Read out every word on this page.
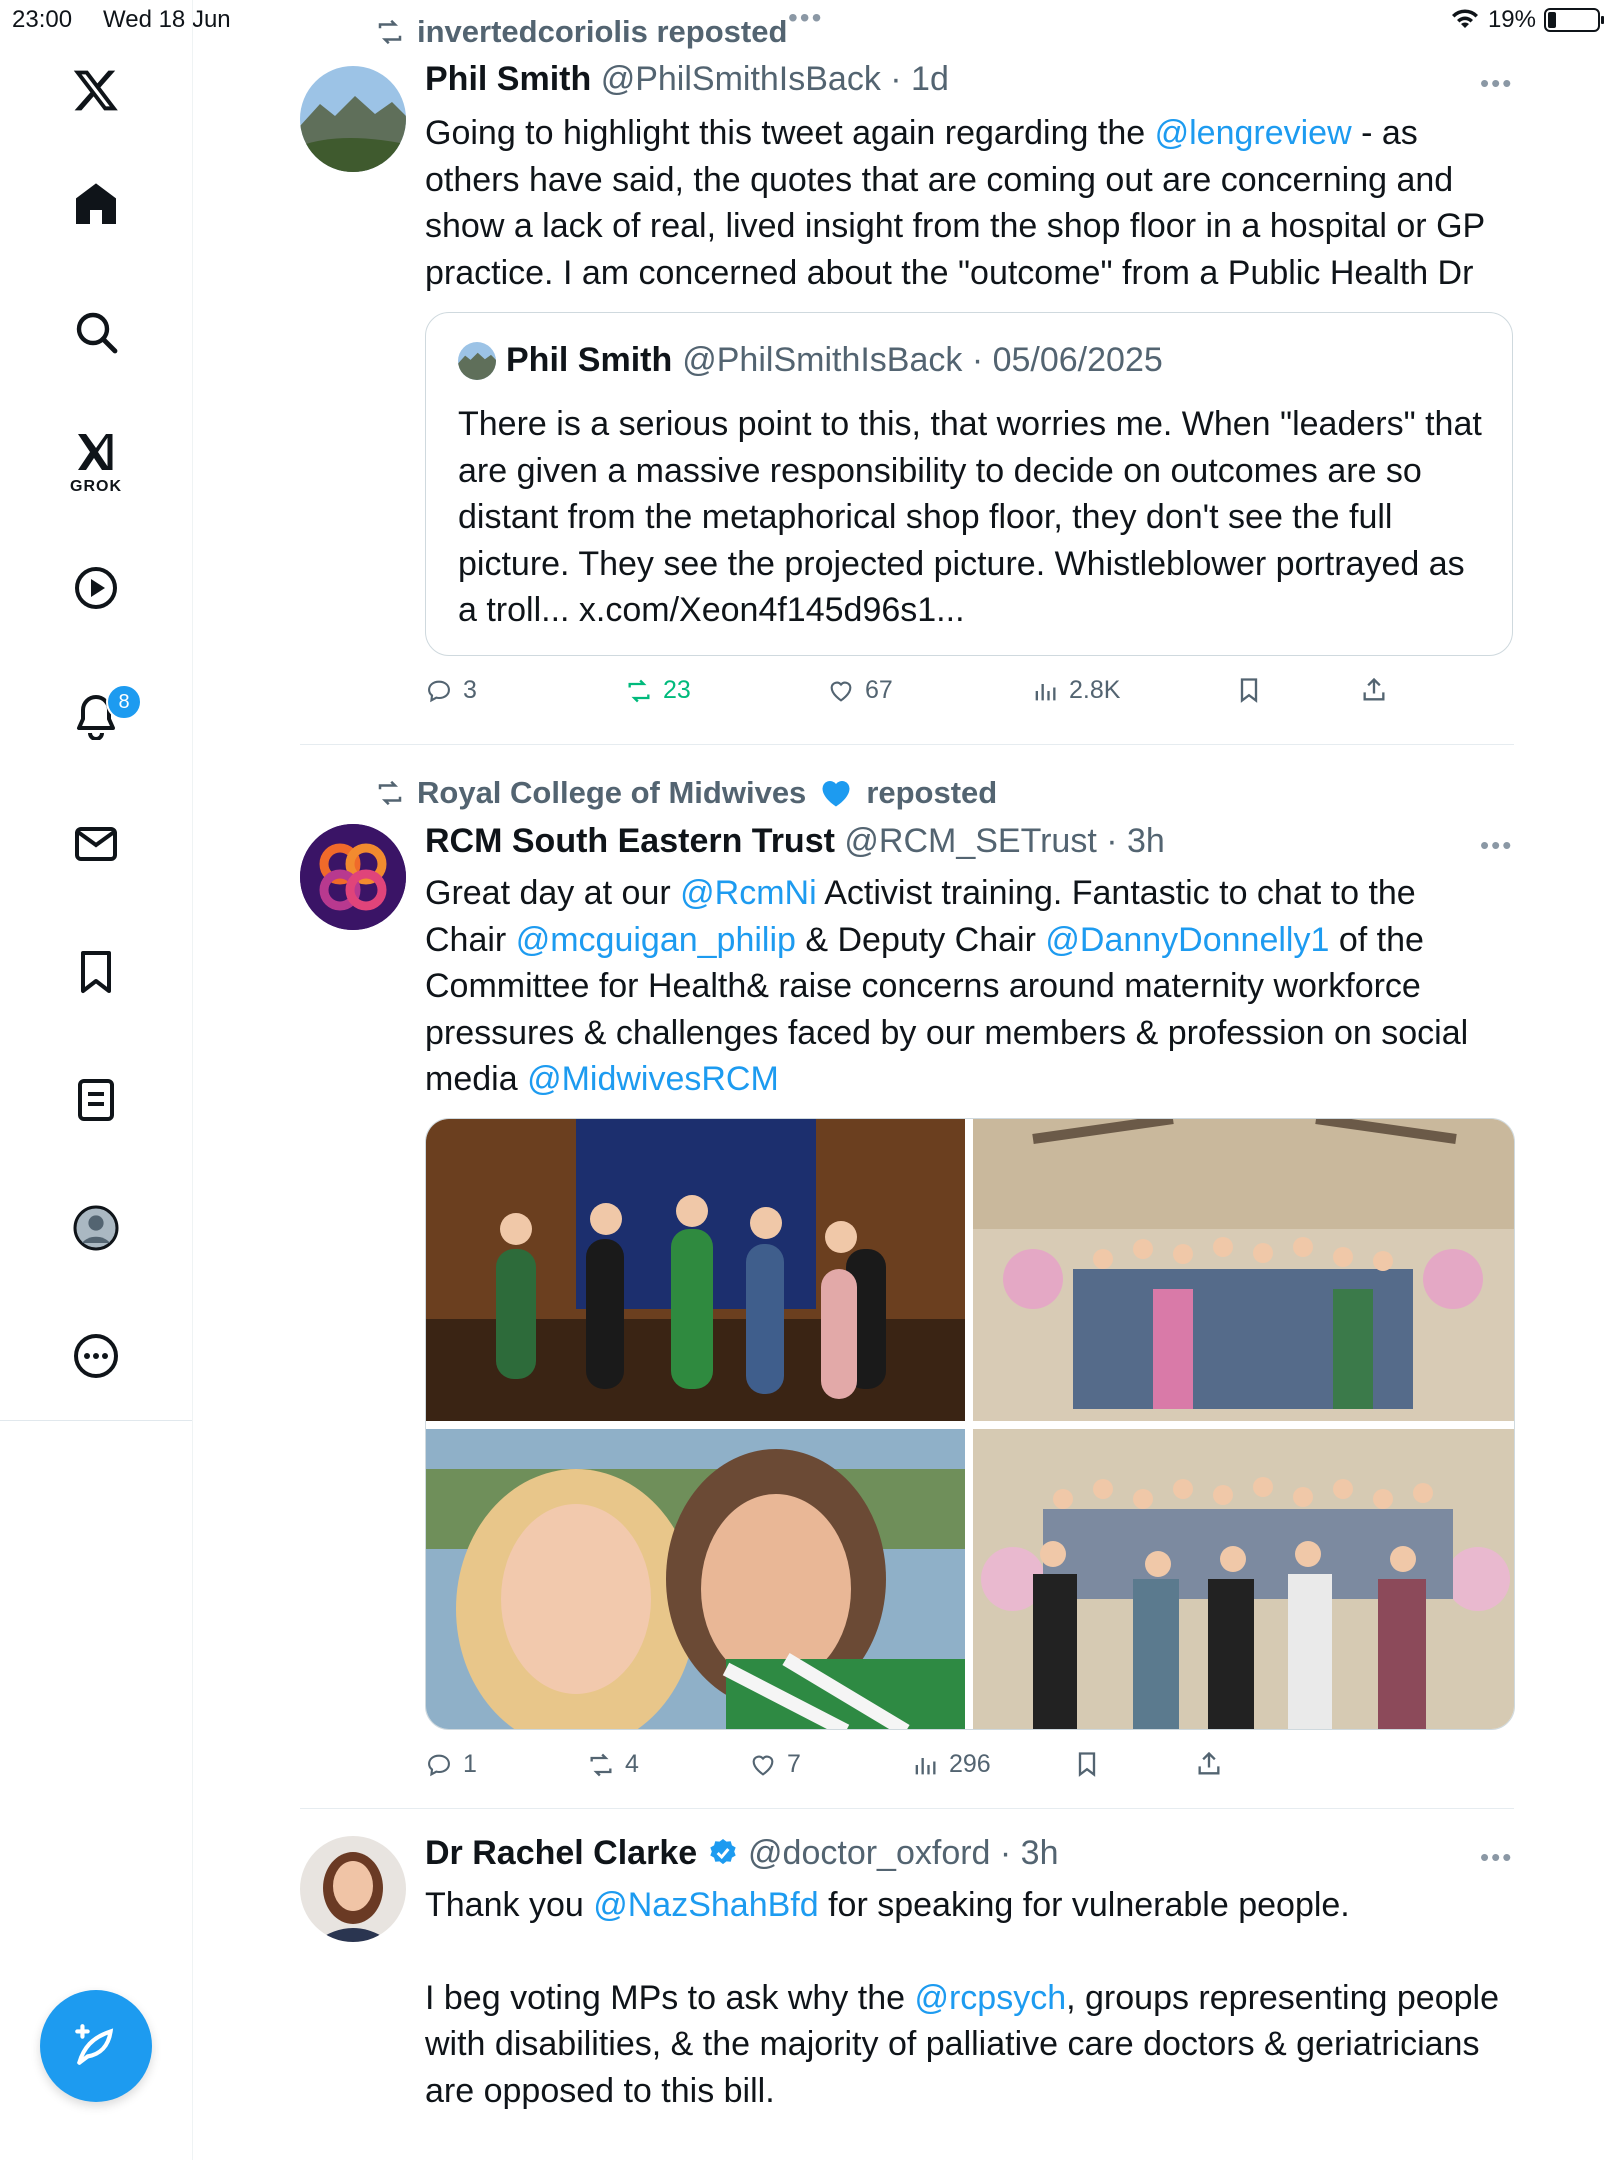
23:00 Wed 18 Jun	•••	19%
GROK
8
invertedcoriolis reposted
Phil Smith @PhilSmithIsBack · 1d	•••
Going to highlight this tweet again regarding the @lengreview - as others have said, the quotes that are coming out are concerning and show a lack of real, lived insight from the shop floor in a hospital or GP practice. I am concerned about the "outcome" from a Public Health Dr
Phil Smith @PhilSmithIsBack · 05/06/2025
There is a serious point to this, that worries me. When "leaders" that are given a massive responsibility to decide on outcomes are so distant from the metaphorical shop floor, they don't see the full picture. They see the projected picture. Whistleblower portrayed as a troll... x.com/Xeon4f145d96s1...
3	23	67	2.8K
Royal College of Midwives reposted
RCM South Eastern Trust @RCM_SETrust · 3h	•••
Great day at our @RcmNi Activist training. Fantastic to chat to the Chair @mcguigan_philip & Deputy Chair @DannyDonnelly1 of the Committee for Health& raise concerns around maternity workforce pressures & challenges faced by our members & profession on social media @MidwivesRCM
1	4	7	296
Dr Rachel Clarke @doctor_oxford · 3h	•••
Thank you @NazShahBfd for speaking for vulnerable people.
I beg voting MPs to ask why the @rcpsych, groups representing people with disabilities, & the majority of palliative care doctors & geriatricians are opposed to this bill.
